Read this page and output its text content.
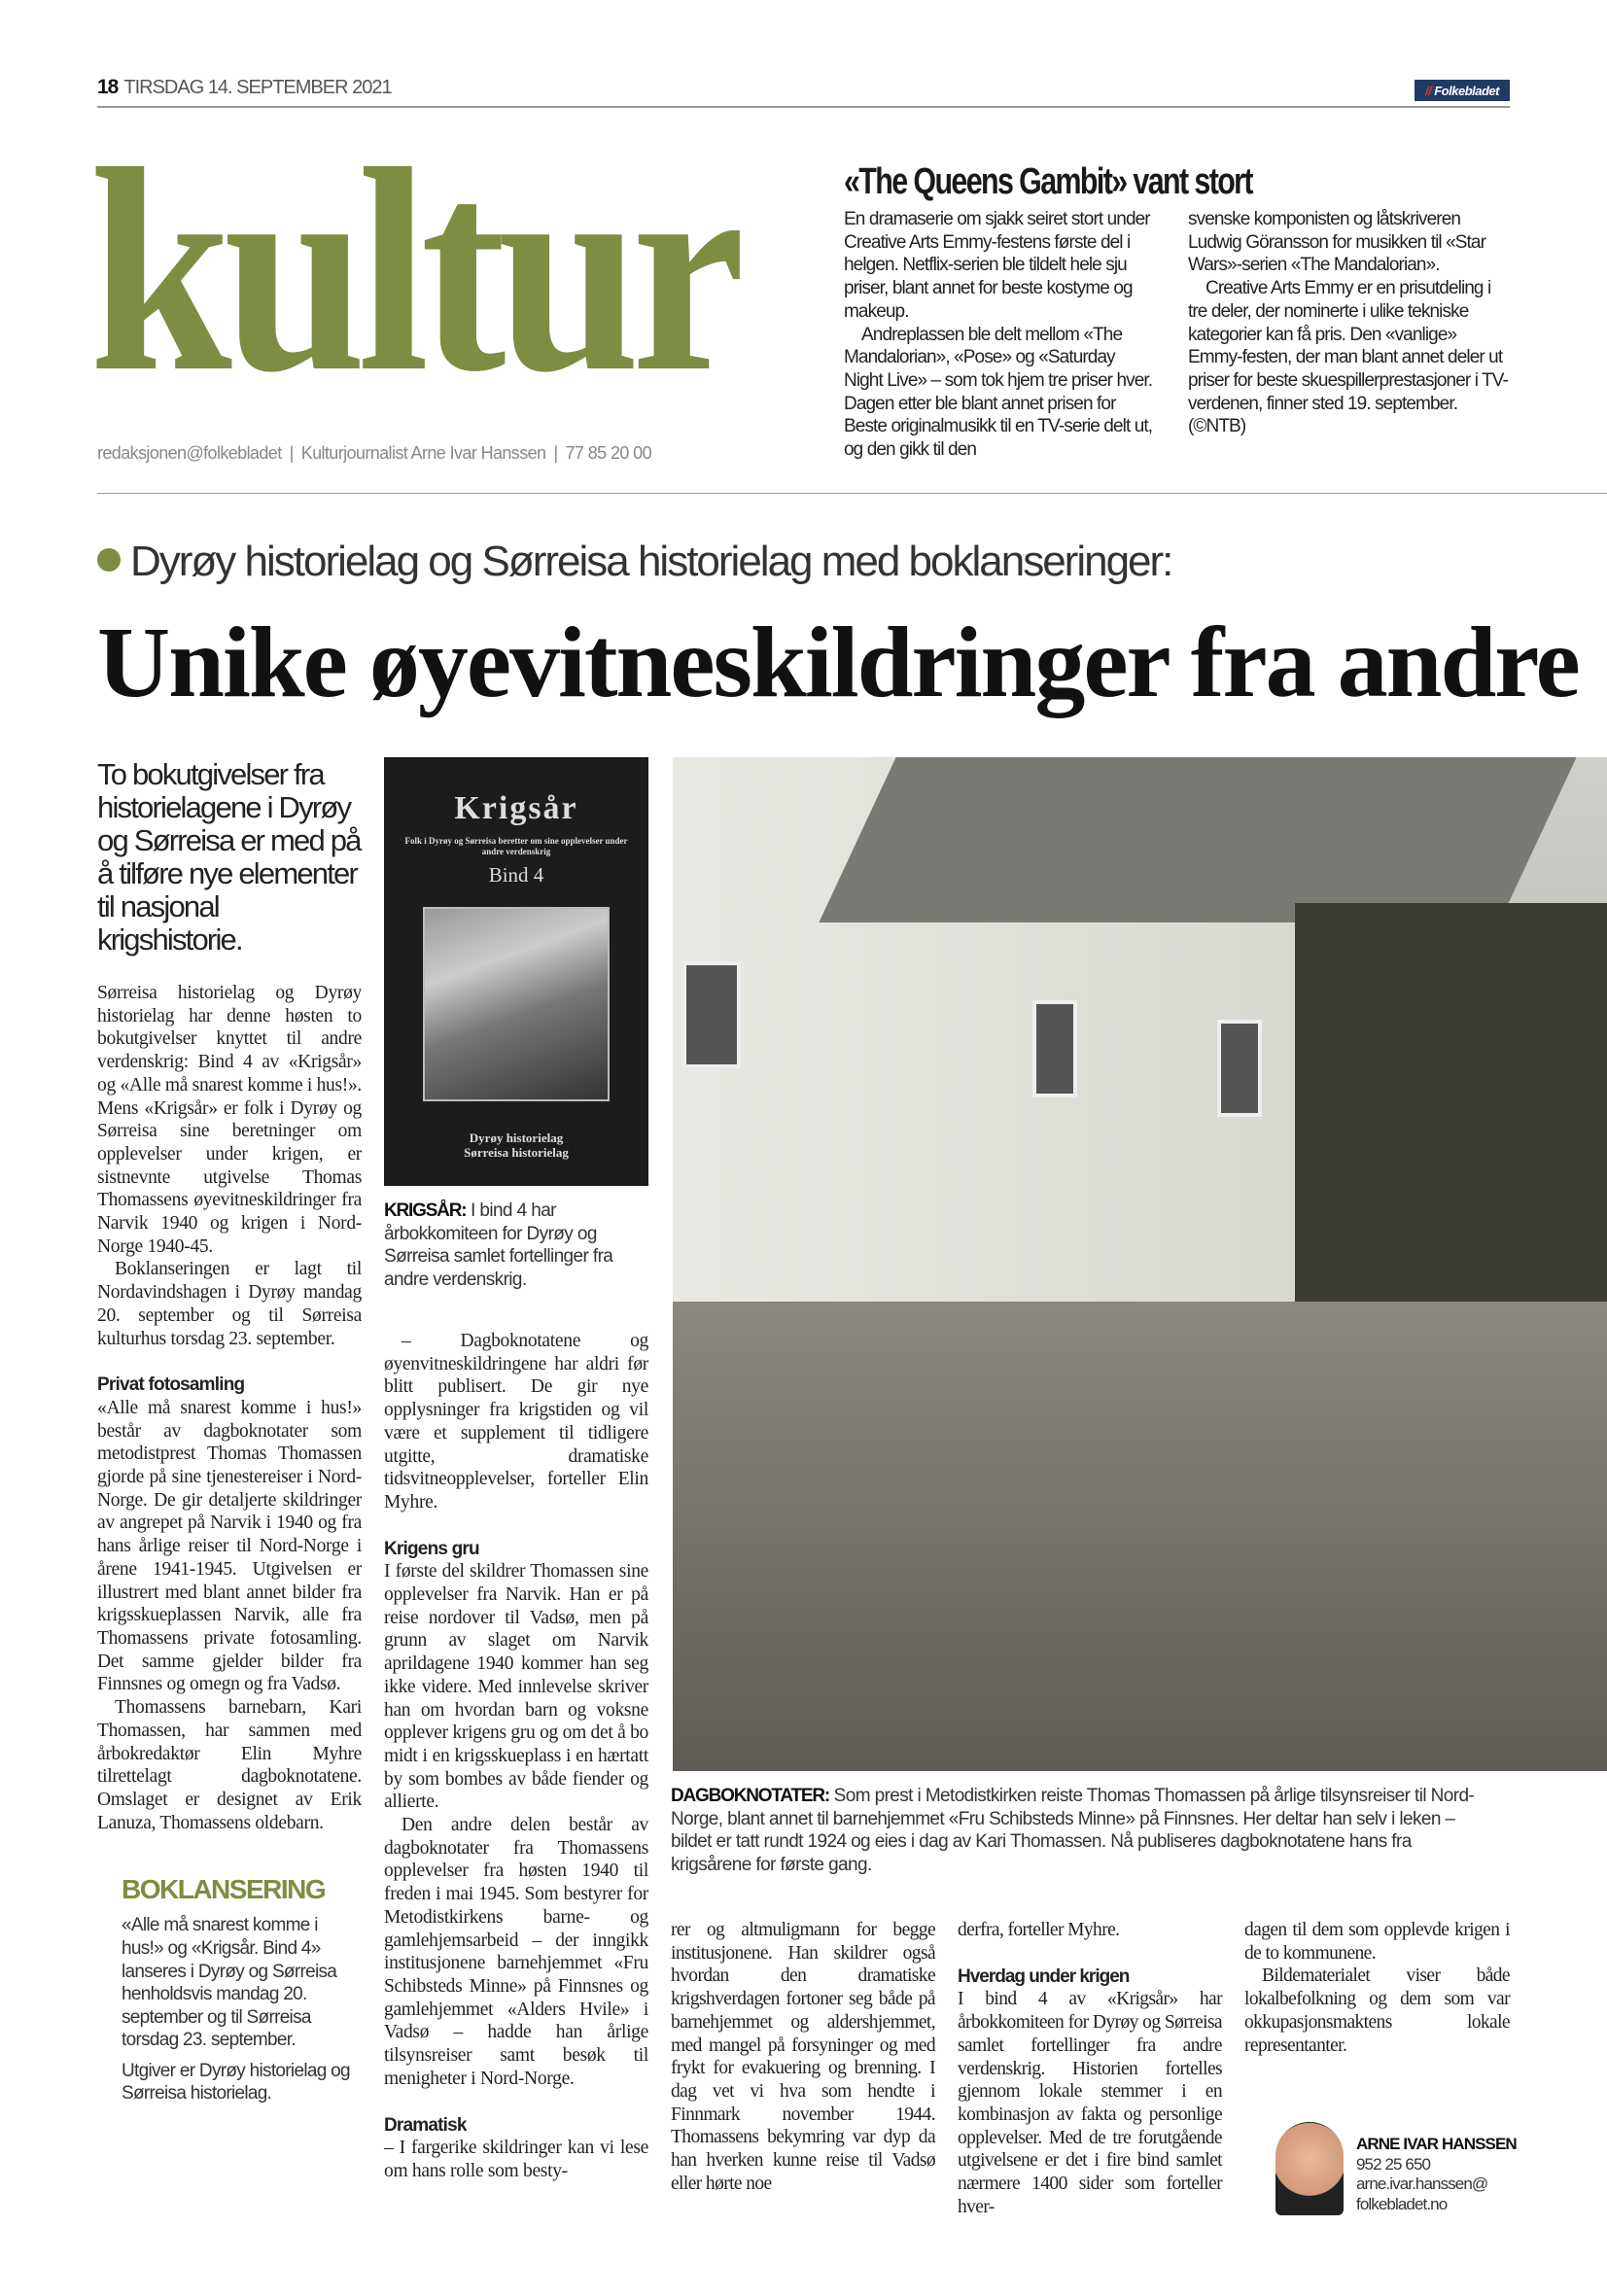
18 TIRSDAG 14. SEPTEMBER 2021	// Folkebladet
kultur
redaksjonen@folkebladet | Kulturjournalist Arne Ivar Hanssen | 77 85 20 00
«The Queens Gambit» vant stort

En dramaserie om sjakk seiret stort under Creative Arts Emmy-festens første del i helgen. Netflix-serien ble tildelt hele sju priser, blant annet for beste kostyme og makeup.

Andreplassen ble delt mellom «The Mandalorian», «Pose» og «Saturday Night Live» – som tok hjem tre priser hver. Dagen etter ble blant annet prisen for Beste originalmusikk til en TV-serie delt ut, og den gikk til den

svenske komponisten og låtskriveren Ludwig Göransson for musikken til «Star Wars»-serien «The Mandalorian».

Creative Arts Emmy er en prisutdeling i tre deler, der nominerte i ulike tekniske kategorier kan få pris. Den «vanlige» Emmy-festen, der man blant annet deler ut priser for beste skuespillerprestasjoner i TV-verdenen, finner sted 19. september. (©NTB)

Dyrøy historielag og Sørreisa historielag med boklanseringer:
Unike øyevitneskildringer fra andre
To bokutgivelser fra historielagene i Dyrøy og Sørreisa er med på å tilføre nye elementer til nasjonal krigshistorie.

Sørreisa historielag og Dyrøy historielag har denne høsten to bokutgivelser knyttet til andre verdenskrig: Bind 4 av «Krigsår» og «Alle må snarest komme i hus!». Mens «Krigsår» er folk i Dyrøy og Sørreisa sine beretninger om opplevelser under krigen, er sistnevnte utgivelse Thomas Thomassens øyevitneskildringer fra Narvik 1940 og krigen i Nord-Norge 1940-45.

Boklanseringen er lagt til Nordavindshagen i Dyrøy mandag 20. september og til Sørreisa kulturhus torsdag 23. september.

Privat fotosamling

«Alle må snarest komme i hus!» består av dagboknotater som metodistprest Thomas Thomassen gjorde på sine tjenestereiser i Nord-Norge. De gir detaljerte skildringer av angrepet på Narvik i 1940 og fra hans årlige reiser til Nord-Norge i årene 1941-1945. Utgivelsen er illustrert med blant annet bilder fra krigsskueplassen Narvik, alle fra Thomassens private fotosamling. Det samme gjelder bilder fra Finnsnes og omegn og fra Vadsø.

Thomassens barnebarn, Kari Thomassen, har sammen med årbokredaktør Elin Myhre tilrettelagt dagboknotatene. Omslaget er designet av Erik Lanuza, Thomassens oldebarn.

BOKLANSERING

«Alle må snarest komme i hus!» og «Krigsår. Bind 4» lanseres i Dyrøy og Sørreisa henholdsvis mandag 20. september og til Sørreisa torsdag 23. september.

Utgiver er Dyrøy historielag og Sørreisa historielag.

Krigsår
Folk i Dyrøy og Sørreisa beretter om sine opplevelser under andre verdenskrig
Bind 4
Dyrøy historielag
Sørreisa historielag
KRIGSÅR: I bind 4 har årbokkomiteen for Dyrøy og Sørreisa samlet fortellinger fra andre verdenskrig.

– Dagboknotatene og øyenvitneskildringene har aldri før blitt publisert. De gir nye opplysninger fra krigstiden og vil være et supplement til tidligere utgitte, dramatiske tidsvitneopplevelser, forteller Elin Myhre.

Krigens gru

I første del skildrer Thomassen sine opplevelser fra Narvik. Han er på reise nordover til Vadsø, men på grunn av slaget om Narvik aprildagene 1940 kommer han seg ikke videre. Med innlevelse skriver han om hvordan barn og voksne opplever krigens gru og om det å bo midt i en krigsskueplass i en hærtatt by som bombes av både fiender og allierte.

Den andre delen består av dagboknotater fra Thomassens opplevelser fra høsten 1940 til freden i mai 1945. Som bestyrer for Metodistkirkens barne- og gamlehjemsarbeid – der inngikk institusjonene barnehjemmet «Fru Schibsteds Minne» på Finnsnes og gamlehjemmet «Alders Hvile» i Vadsø – hadde han årlige tilsynsreiser samt besøk til menigheter i Nord-Norge.

Dramatisk

– I fargerike skildringer kan vi lese om hans rolle som besty-

DAGBOKNOTATER: Som prest i Metodistkirken reiste Thomas Thomassen på årlige tilsynsreiser til Nord-Norge, blant annet til barnehjemmet «Fru Schibsteds Minne» på Finnsnes. Her deltar han selv i leken – bildet er tatt rundt 1924 og eies i dag av Kari Thomassen. Nå publiseres dagboknotatene hans fra krigsårene for første gang.

rer og altmuligmann for begge institusjonene. Han skildrer også hvordan den dramatiske krigshverdagen fortoner seg både på barnehjemmet og aldershjemmet, med mangel på forsyninger og med frykt for evakuering og brenning. I dag vet vi hva som hendte i Finnmark november 1944. Thomassens bekymring var dyp da han hverken kunne reise til Vadsø eller hørte noe

derfra, forteller Myhre.

Hverdag under krigen

I bind 4 av «Krigsår» har årbokkomiteen for Dyrøy og Sørreisa samlet fortellinger fra andre verdenskrig. Historien fortelles gjennom lokale stemmer i en kombinasjon av fakta og personlige opplevelser. Med de tre forutgående utgivelsene er det i fire bind samlet nærmere 1400 sider som forteller hver-

dagen til dem som opplevde krigen i de to kommunene.

Bildematerialet viser både lokalbefolkning og dem som var okkupasjonsmaktens lokale representanter.

ARNE IVAR HANSSEN
952 25 650
arne.ivar.hanssen@
folkebladet.no
